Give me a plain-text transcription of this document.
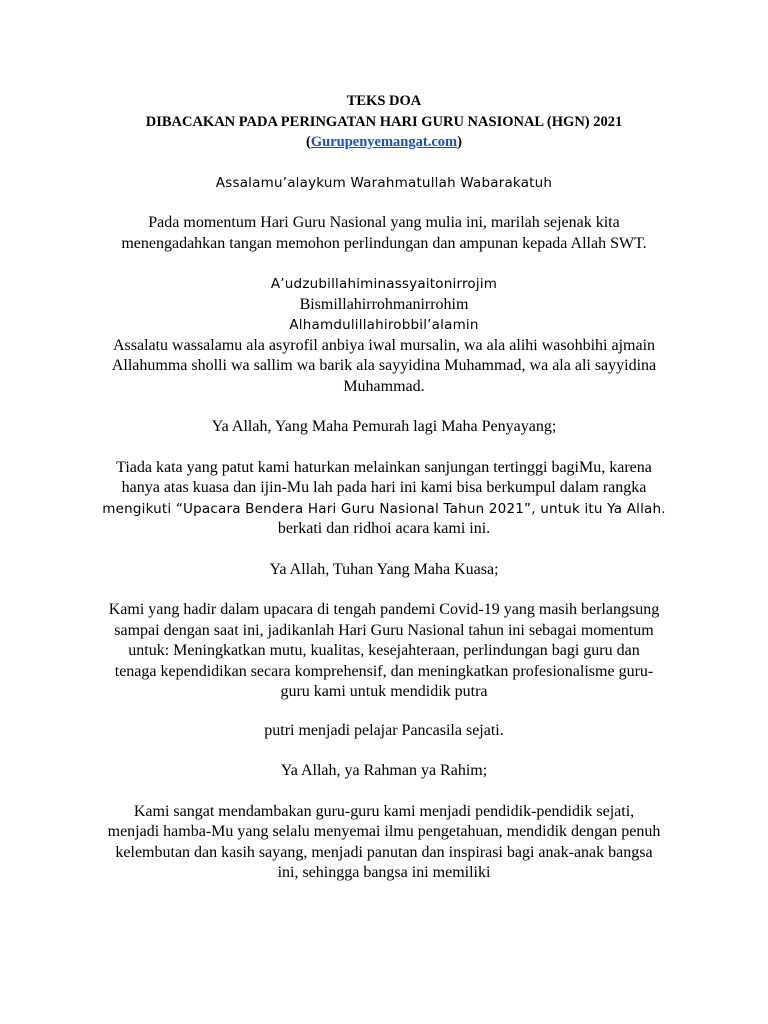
TEKS DOA
DIBACAKAN PADA PERINGATAN HARI GURU NASIONAL (HGN) 2021
(Gurupenyemangat.com)

Assalamu’alaykum Warahmatullah Wabarakatuh

Pada momentum Hari Guru Nasional yang mulia ini, marilah sejenak kita

menengadahkan tangan memohon perlindungan dan ampunan kepada Allah SWT.

A’udzubillahiminassyaitonirrojim

Bismillahirrohmanirrohim

Alhamdulillahirobbil’alamin

Assalatu wassalamu ala asyrofil anbiya iwal mursalin, wa ala alihi wasohbihi ajmain

Allahumma sholli wa sallim wa barik ala sayyidina Muhammad, wa ala ali sayyidina

Muhammad.

Ya Allah, Yang Maha Pemurah lagi Maha Penyayang;

Tiada kata yang patut kami haturkan melainkan sanjungan tertinggi bagiMu, karena

hanya atas kuasa dan ijin-Mu lah pada hari ini kami bisa berkumpul dalam rangka

mengikuti “Upacara Bendera Hari Guru Nasional Tahun 2021”, untuk itu Ya Allah.

berkati dan ridhoi acara kami ini.

Ya Allah, Tuhan Yang Maha Kuasa;

Kami yang hadir dalam upacara di tengah pandemi Covid-19 yang masih berlangsung

sampai dengan saat ini, jadikanlah Hari Guru Nasional tahun ini sebagai momentum

untuk: Meningkatkan mutu, kualitas, kesejahteraan, perlindungan bagi guru dan

tenaga kependidikan secara komprehensif, dan meningkatkan profesionalisme guru-

guru kami untuk mendidik putra

putri menjadi pelajar Pancasila sejati.

Ya Allah, ya Rahman ya Rahim;

Kami sangat mendambakan guru-guru kami menjadi pendidik-pendidik sejati,

menjadi hamba-Mu yang selalu menyemai ilmu pengetahuan, mendidik dengan penuh

kelembutan dan kasih sayang, menjadi panutan dan inspirasi bagi anak-anak bangsa

ini, sehingga bangsa ini memiliki
